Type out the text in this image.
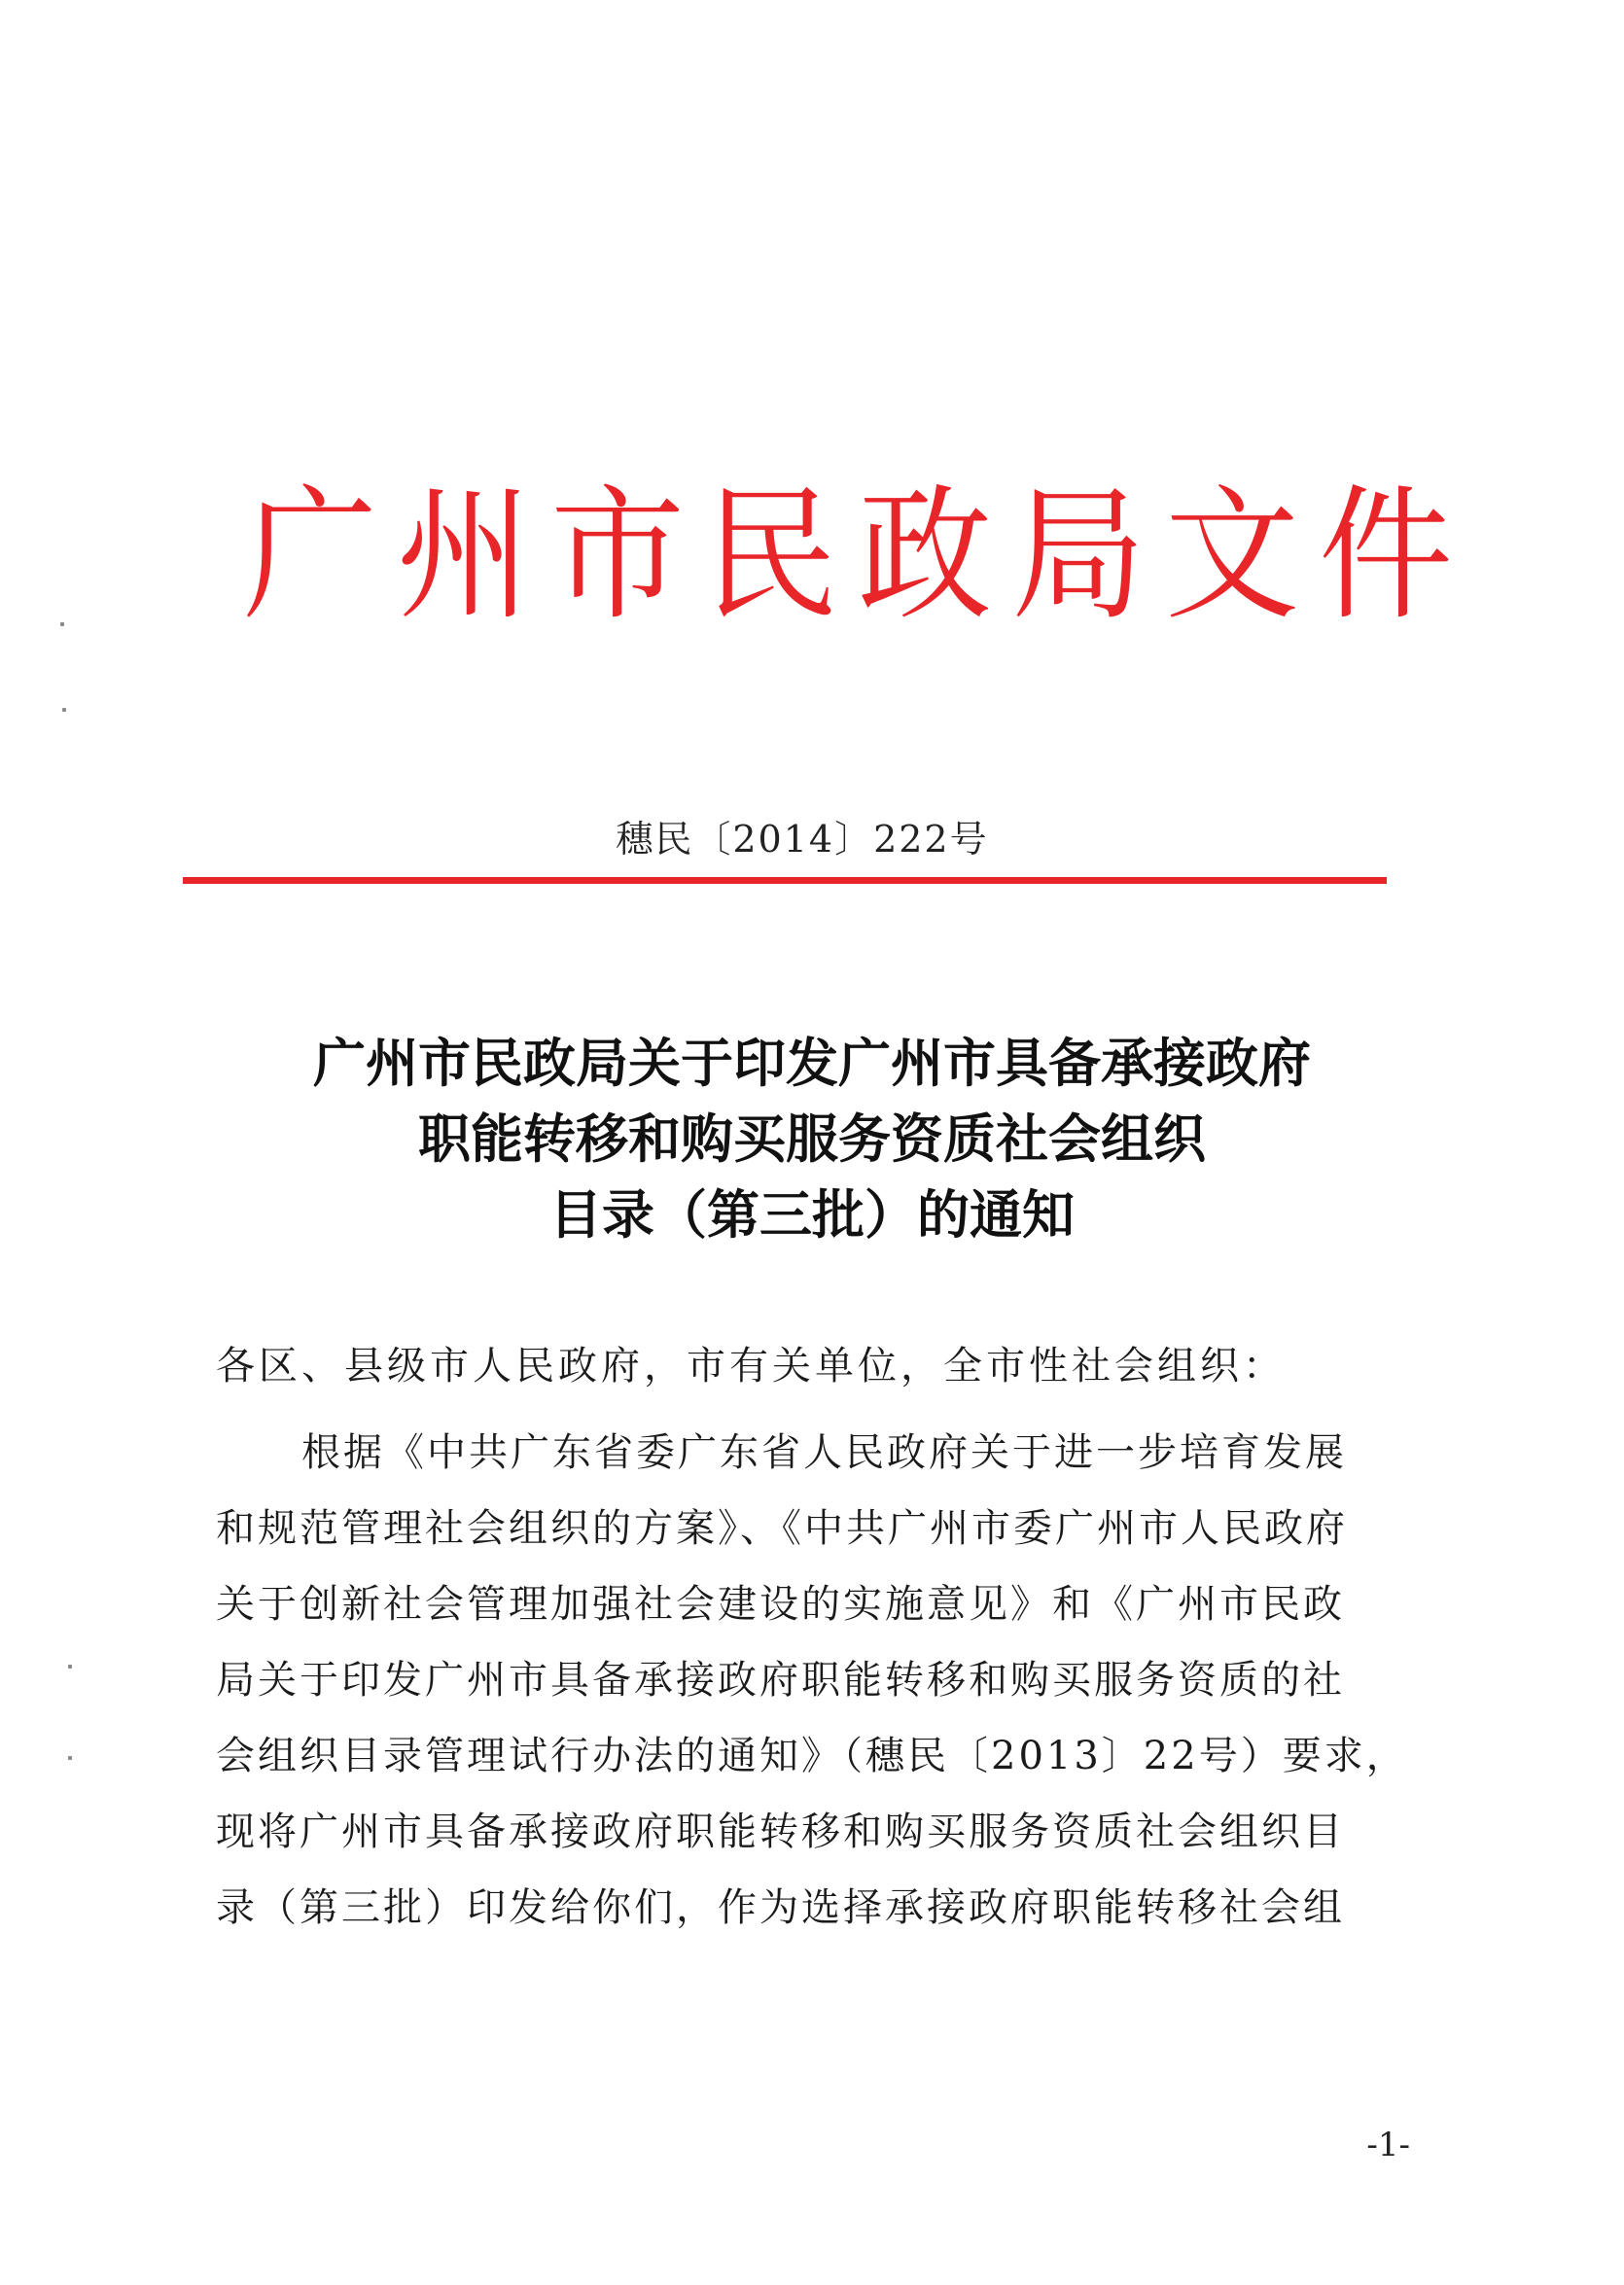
广州市民政局文件
穗民〔2014〕222号
广州市民政局关于印发广州市具备承接政府
职能转移和购买服务资质社会组织
目录（第三批）的通知
各区、县级市人民政府，市有关单位，全市性社会组织：
根据《中共广东省委广东省人民政府关于进一步培育发展
和规范管理社会组织的方案》、《中共广州市委广州市人民政府
关于创新社会管理加强社会建设的实施意见》和《广州市民政
局关于印发广州市具备承接政府职能转移和购买服务资质的社
会组织目录管理试行办法的通知》（穗民〔2013〕22号）要求，
现将广州市具备承接政府职能转移和购买服务资质社会组织目
录（第三批）印发给你们，作为选择承接政府职能转移社会组
-1-
